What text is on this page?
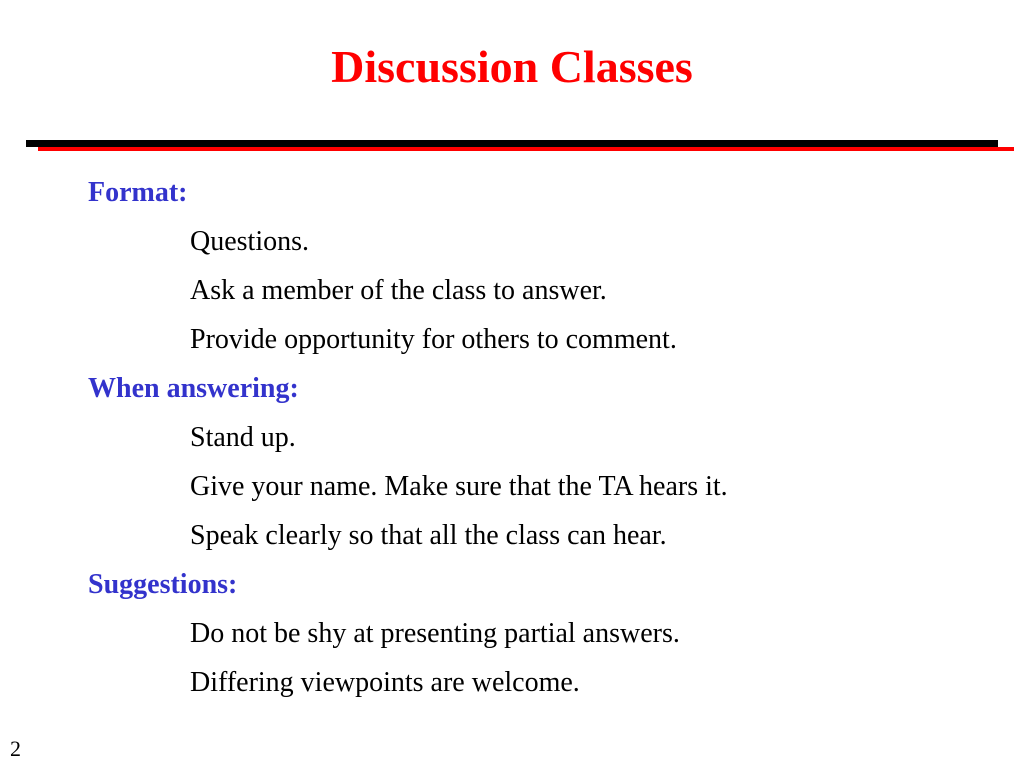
Discussion Classes
Format:
Questions.
Ask a member of the class to answer.
Provide opportunity for others to comment.
When answering:
Stand up.
Give your name. Make sure that the TA hears it.
Speak clearly so that all the class can hear.
Suggestions:
Do not be shy at presenting partial answers.
Differing viewpoints are welcome.
2
